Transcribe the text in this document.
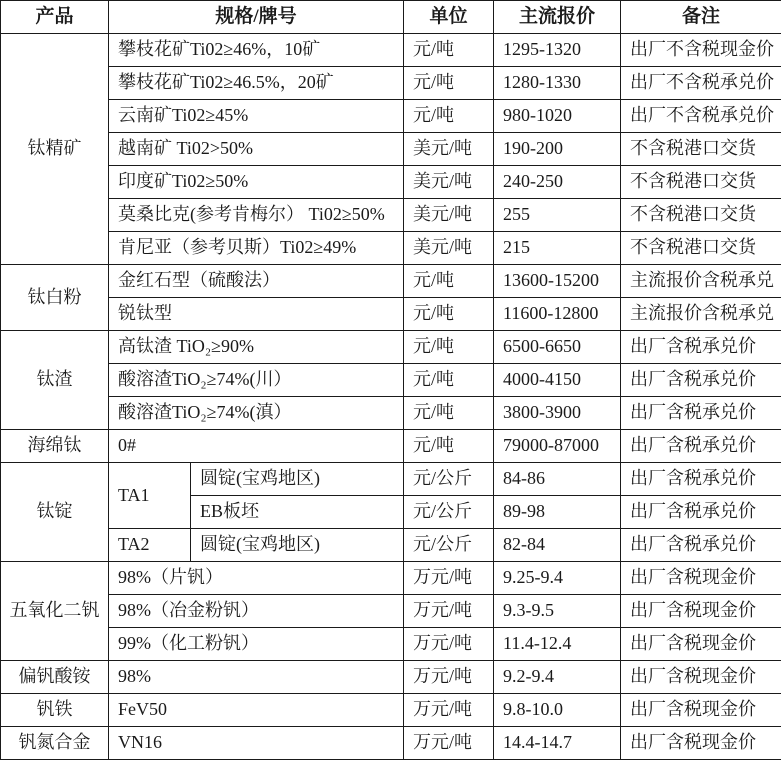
产品	规格/牌号		单位	主流报价	备注
钛精矿	攀枝花矿Ti02≥46%，10矿		元/吨	1295-1320	出厂不含税现金价
	攀枝花矿Ti02≥46.5%，20矿		元/吨	1280-1330	出厂不含税承兑价
	云南矿Ti02≥45%		元/吨	980-1020	出厂不含税承兑价
	越南矿 Ti02>50%		美元/吨	190-200	不含税港口交货
	印度矿Ti02≥50%		美元/吨	240-250	不含税港口交货
	莫桑比克(参考肯梅尔） Ti02≥50%		美元/吨	255	不含税港口交货
	肯尼亚（参考贝斯）Ti02≥49%		美元/吨	215	不含税港口交货
钛白粉	金红石型（硫酸法）		元/吨	13600-15200	主流报价含税承兑
	锐钛型		元/吨	11600-12800	主流报价含税承兑
钛渣	高钛渣 TiO₂≥90%		元/吨	6500-6650	出厂含税承兑价
	酸溶渣TiO₂≥74%(川）		元/吨	4000-4150	出厂含税承兑价
	酸溶渣TiO₂≥74%(滇）		元/吨	3800-3900	出厂含税承兑价
海绵钛	0#		元/吨	79000-87000	出厂含税承兑价
钛锭	TA1	圆锭(宝鸡地区)	元/公斤	84-86	出厂含税承兑价
		EB板坯	元/公斤	89-98	出厂含税承兑价
	TA2	圆锭(宝鸡地区)	元/公斤	82-84	出厂含税承兑价
五氧化二钒	98%（片钒）		万元/吨	9.25-9.4	出厂含税现金价
	98%（冶金粉钒）		万元/吨	9.3-9.5	出厂含税现金价
	99%（化工粉钒）		万元/吨	11.4-12.4	出厂含税现金价
偏钒酸铵	98%		万元/吨	9.2-9.4	出厂含税现金价
钒铁	FeV50		万元/吨	9.8-10.0	出厂含税现金价
钒氮合金	VN16		万元/吨	14.4-14.7	出厂含税现金价
